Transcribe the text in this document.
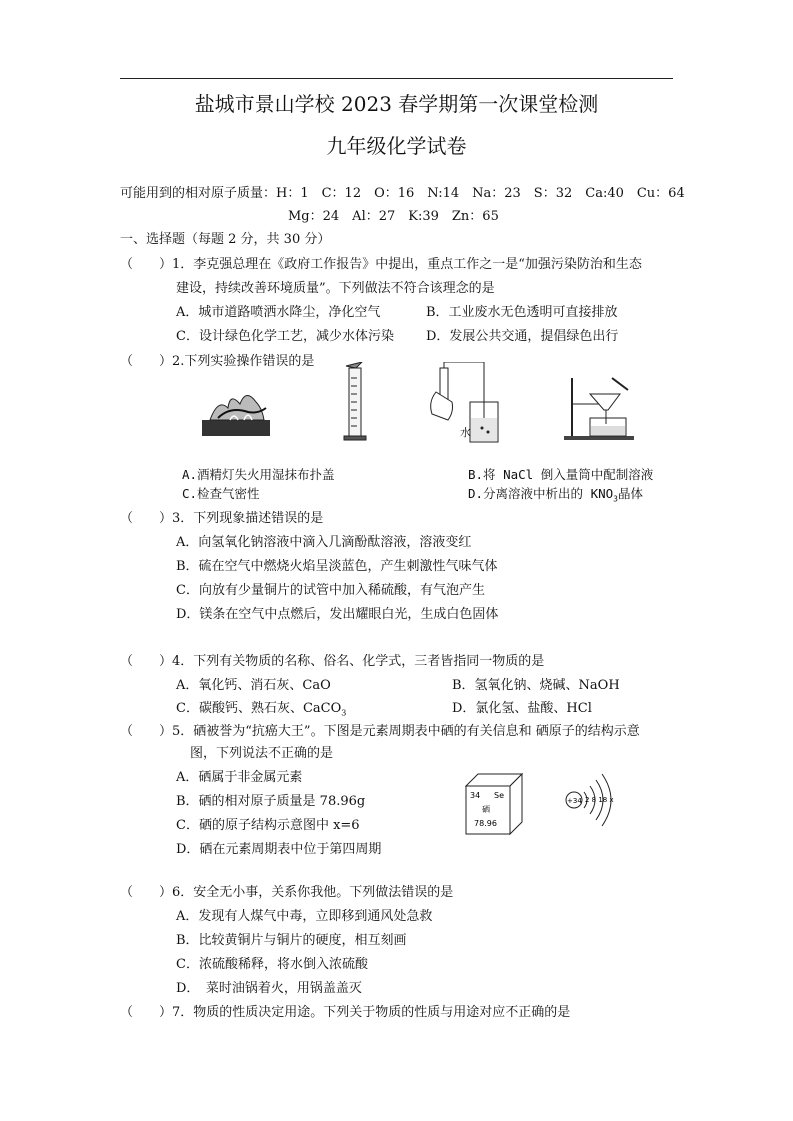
盐城市景山学校 2023 春学期第一次课堂检测
九年级化学试卷
可能用到的相对原子质量：H：1　C：12　O：16　N:14　Na：23　S：32　Ca:40　Cu：64
Mg：24　Al：27　K:39　Zn：65
一、选择题（每题 2 分，共 30 分）
（　　） 1．李克强总理在《政府工作报告》中提出，重点工作之一是“加强污染防治和生态
建设，持续改善环境质量”。下列做法不符合该理念的是
A．城市道路喷洒水降尘，净化空气	B．工业废水无色透明可直接排放
C．设计绿色化学工艺，减少水体污染 D．发展公共交通，提倡绿色出行
（　　） 2.下列实验操作错误的是
水
A.酒精灯失火用湿抹布扑盖	B.将 NaCl 倒入量筒中配制溶液
C.检查气密性	D.分离溶液中析出的 $KNO_3$晶体
（　　） 3．下列现象描述错误的是
A．向氢氧化钠溶液中滴入几滴酚酞溶液，溶液变红
B．硫在空气中燃烧火焰呈淡蓝色，产生刺激性气味气体
C．向放有少量铜片的试管中加入稀硫酸，有气泡产生
D．镁条在空气中点燃后，发出耀眼白光，生成白色固体
（　　） 4．下列有关物质的名称、俗名、化学式，三者皆指同一物质的是
A．氧化钙、消石灰、CaO	B．氢氧化钠、烧碱、NaOH
C．碳酸钙、熟石灰、CaCO$_3$	D．氯化氢、盐酸、HCl
（　　） 5．硒被誉为“抗癌大王”。下图是元素周期表中硒的有关信息和 硒原子的结构示意
图，下列说法不正确的是
A．硒属于非金属元素
B．硒的相对原子质量是 78.96g
C．硒的原子结构示意图中 x=6
D．硒在元素周期表中位于第四周期
34 Se
硒
78.96
+34 2 8 18 x
（　　） 6．安全无小事，关系你我他。下列做法错误的是
A．发现有人煤气中毒，立即移到通风处急救
B．比较黄铜片与铜片的硬度，相互刻画
C．浓硫酸稀释，将水倒入浓硫酸
D．　菜时油锅着火，用锅盖盖灭
（　　） 7．物质的性质决定用途。下列关于物质的性质与用途对应不正确的是
